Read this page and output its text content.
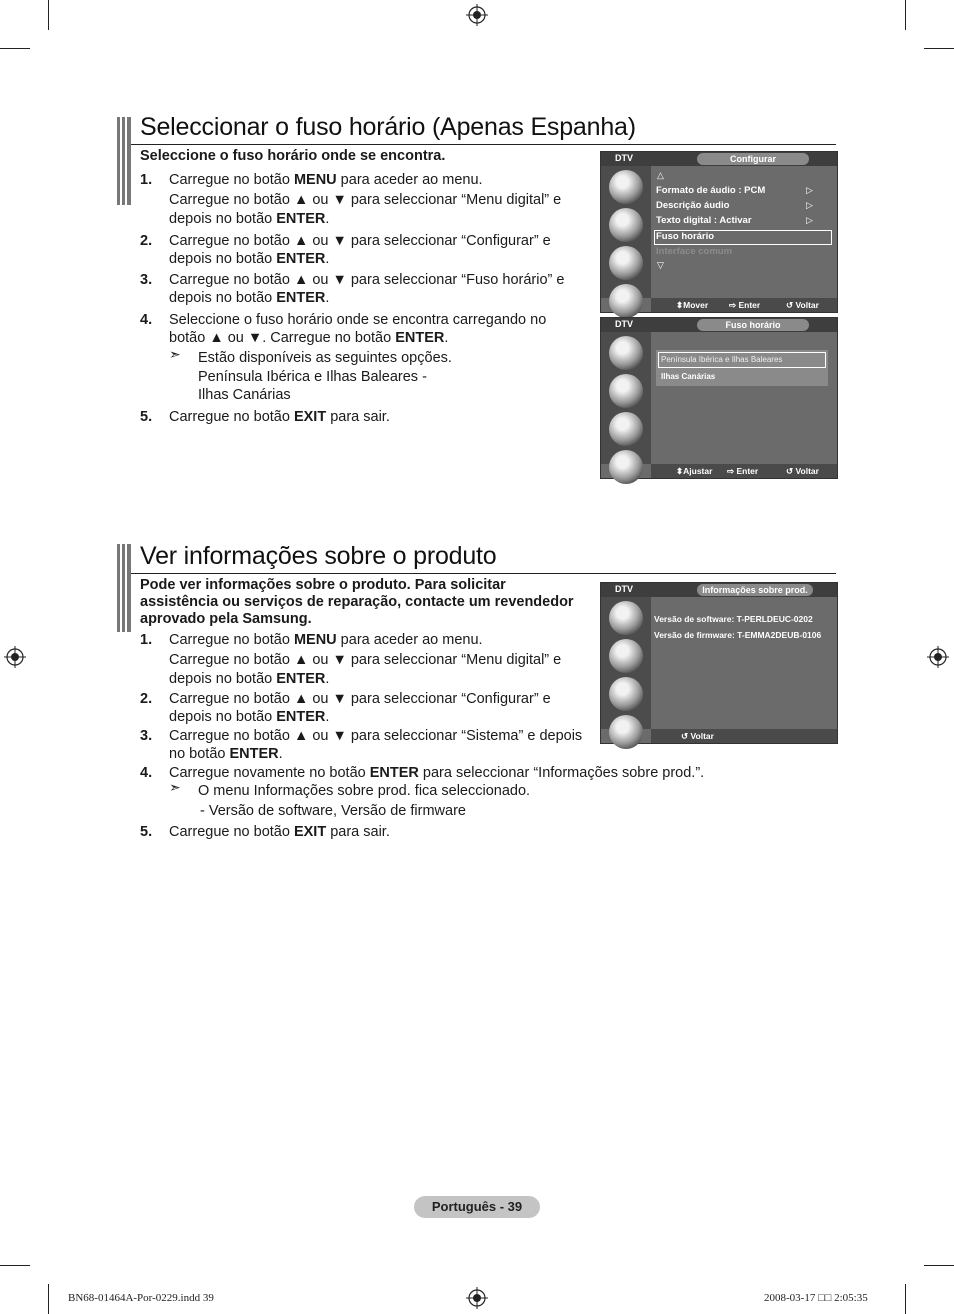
Seleccionar o fuso horário (Apenas Espanha)
Seleccione o fuso horário onde se encontra.
1. Carregue no botão MENU para aceder ao menu.
Carregue no botão ▲ ou ▼ para seleccionar “Menu digital” e
depois no botão ENTER.
2. Carregue no botão ▲ ou ▼ para seleccionar “Configurar” e
depois no botão ENTER.
3. Carregue no botão ▲ ou ▼ para seleccionar “Fuso horário” e
depois no botão ENTER.
4. Seleccione o fuso horário onde se encontra carregando no
botão ▲ ou ▼. Carregue no botão ENTER.
➣ Estão disponíveis as seguintes opções.
Península Ibérica e Ilhas Baleares -
Ilhas Canárias
5. Carregue no botão EXIT para sair.
DTV	Configurar
△
Formato de áudio : PCM	▷
Descrição áudio	▷
Texto digital : Activar	▷
Fuso horário
Interface comum
▽
⬍Mover ⇨ Enter	↺ Voltar
DTV	Fuso horário
Península Ibérica e Ilhas Baleares
Ilhas Canárias
⬍Ajustar ⇨ Enter	↺ Voltar
Ver informações sobre o produto
Pode ver informações sobre o produto. Para solicitar
assistência ou serviços de reparação, contacte um revendedor
aprovado pela Samsung.
1. Carregue no botão MENU para aceder ao menu.
Carregue no botão ▲ ou ▼ para seleccionar “Menu digital” e
depois no botão ENTER.
2. Carregue no botão ▲ ou ▼ para seleccionar “Configurar” e
depois no botão ENTER.
3. Carregue no botão ▲ ou ▼ para seleccionar “Sistema” e depois
no botão ENTER.
4. Carregue novamente no botão ENTER para seleccionar “Informações sobre prod.”.
➣ O menu Informações sobre prod. fica seleccionado.
- Versão de software, Versão de firmware
5. Carregue no botão EXIT para sair.
DTV	Informações sobre prod.
Versão de software: T-PERLDEUC-0202
Versão de firmware: T-EMMA2DEUB-0106
↺ Voltar
Português - 39
BN68-01464A-Por-0229.indd 39	2008-03-17 □□ 2:05:35
